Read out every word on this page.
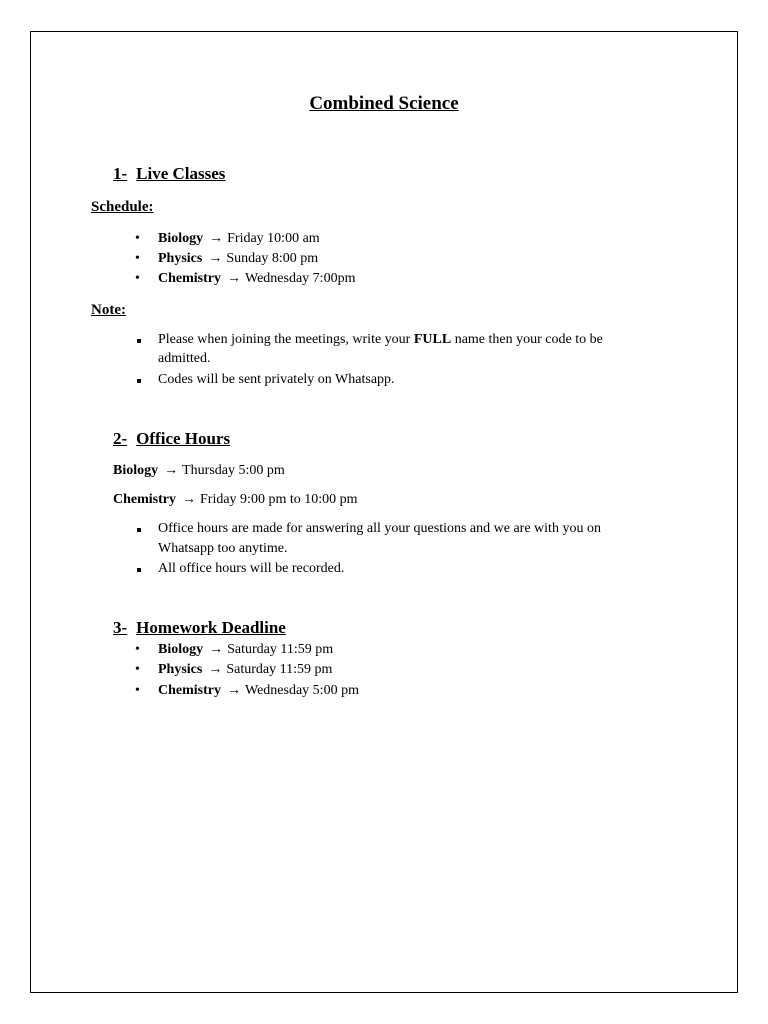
Combined Science
1- Live Classes
Schedule:
• Biology → Friday 10:00 am
• Physics → Sunday 8:00 pm
• Chemistry → Wednesday 7:00pm
Note:
Please when joining the meetings, write your FULL name then your code to be
admitted.
Codes will be sent privately on Whatsapp.
2- Office Hours
Biology → Thursday 5:00 pm
Chemistry → Friday 9:00 pm to 10:00 pm
Office hours are made for answering all your questions and we are with you on
Whatsapp too anytime.
All office hours will be recorded.
3- Homework Deadline
• Biology → Saturday 11:59 pm
• Physics → Saturday 11:59 pm
• Chemistry → Wednesday 5:00 pm
